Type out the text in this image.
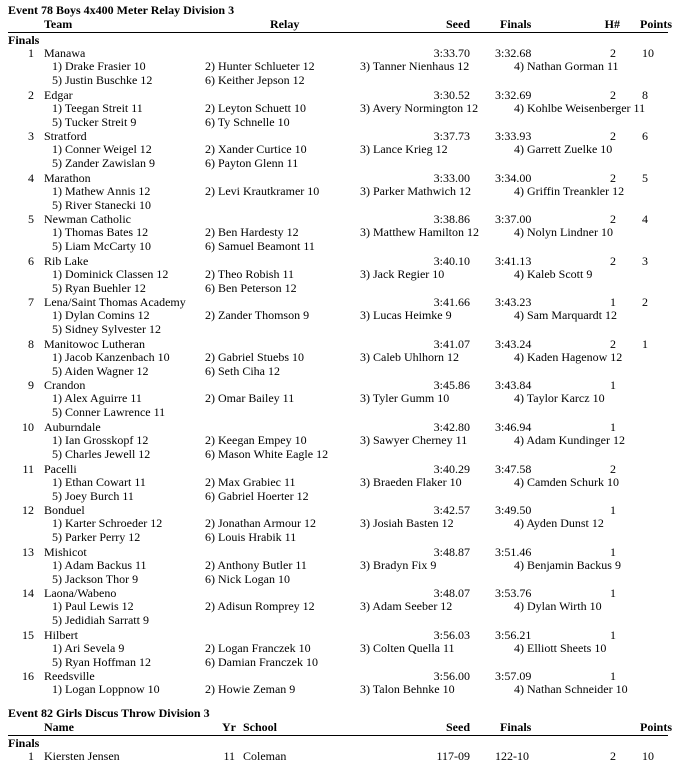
Event 78 Boys 4x400 Meter Relay Division 3
Team	Relay	Seed	Finals	H# Points
Finals
1 Manawa	3:33.70 3:32.68	2 10
1) Drake Frasier 10	2) Hunter Schlueter 12	3) Tanner Nienhaus 12	4) Nathan Gorman 11
5) Justin Buschke 12	6) Keither Jepson 12
2 Edgar	3:30.52 3:32.69	2 8
1) Teegan Streit 11	2) Leyton Schuett 10	3) Avery Normington 12	4) Kohlbe Weisenberger 11
5) Tucker Streit 9	6) Ty Schnelle 10
3 Stratford	3:37.73 3:33.93	2 6
1) Conner Weigel 12	2) Xander Curtice 10	3) Lance Krieg 12	4) Garrett Zuelke 10
5) Zander Zawislan 9	6) Payton Glenn 11
4 Marathon	3:33.00 3:34.00	2 5
1) Mathew Annis 12	2) Levi Krautkramer 10	3) Parker Mathwich 12	4) Griffin Treankler 12
5) River Stanecki 10
5 Newman Catholic	3:38.86 3:37.00	2 4
1) Thomas Bates 12	2) Ben Hardesty 12	3) Matthew Hamilton 12	4) Nolyn Lindner 10
5) Liam McCarty 10	6) Samuel Beamont 11
6 Rib Lake	3:40.10 3:41.13	2 3
1) Dominick Classen 12	2) Theo Robish 11	3) Jack Regier 10	4) Kaleb Scott 9
5) Ryan Buehler 12	6) Ben Peterson 12
7 Lena/Saint Thomas Academy	3:41.66 3:43.23	1 2
1) Dylan Comins 12	2) Zander Thomson 9	3) Lucas Heimke 9	4) Sam Marquardt 12
5) Sidney Sylvester 12
8 Manitowoc Lutheran	3:41.07 3:43.24	2 1
1) Jacob Kanzenbach 10	2) Gabriel Stuebs 10	3) Caleb Uhlhorn 12	4) Kaden Hagenow 12
5) Aiden Wagner 12	6) Seth Ciha 12
9 Crandon	3:45.86 3:43.84	1
1) Alex Aguirre 11	2) Omar Bailey 11	3) Tyler Gumm 10	4) Taylor Karcz 10
5) Conner Lawrence 11
10 Auburndale	3:42.80 3:46.94	1
1) Ian Grosskopf 12	2) Keegan Empey 10	3) Sawyer Cherney 11	4) Adam Kundinger 12
5) Charles Jewell 12	6) Mason White Eagle 12
11 Pacelli	3:40.29 3:47.58	2
1) Ethan Cowart 11	2) Max Grabiec 11	3) Braeden Flaker 10	4) Camden Schurk 10
5) Joey Burch 11	6) Gabriel Hoerter 12
12 Bonduel	3:42.57 3:49.50	1
1) Karter Schroeder 12	2) Jonathan Armour 12	3) Josiah Basten 12	4) Ayden Dunst 12
5) Parker Perry 12	6) Louis Hrabik 11
13 Mishicot	3:48.87 3:51.46	1
1) Adam Backus 11	2) Anthony Butler 11	3) Bradyn Fix 9	4) Benjamin Backus 9
5) Jackson Thor 9	6) Nick Logan 10
14 Laona/Wabeno	3:48.07 3:53.76	1
1) Paul Lewis 12	2) Adisun Romprey 12	3) Adam Seeber 12	4) Dylan Wirth 10
5) Jedidiah Sarratt 9
15 Hilbert	3:56.03 3:56.21	1
1) Ari Sevela 9	2) Logan Franczek 10	3) Colten Quella 11	4) Elliott Sheets 10
5) Ryan Hoffman 12	6) Damian Franczek 10
16 Reedsville	3:56.00 3:57.09	1
1) Logan Loppnow 10	2) Howie Zeman 9	3) Talon Behnke 10	4) Nathan Schneider 10
Event 82 Girls Discus Throw Division 3
Name	Yr School	Seed	Finals	Points
Finals
1 Kiersten Jensen	11 Coleman	117-09 122-10	2 10
